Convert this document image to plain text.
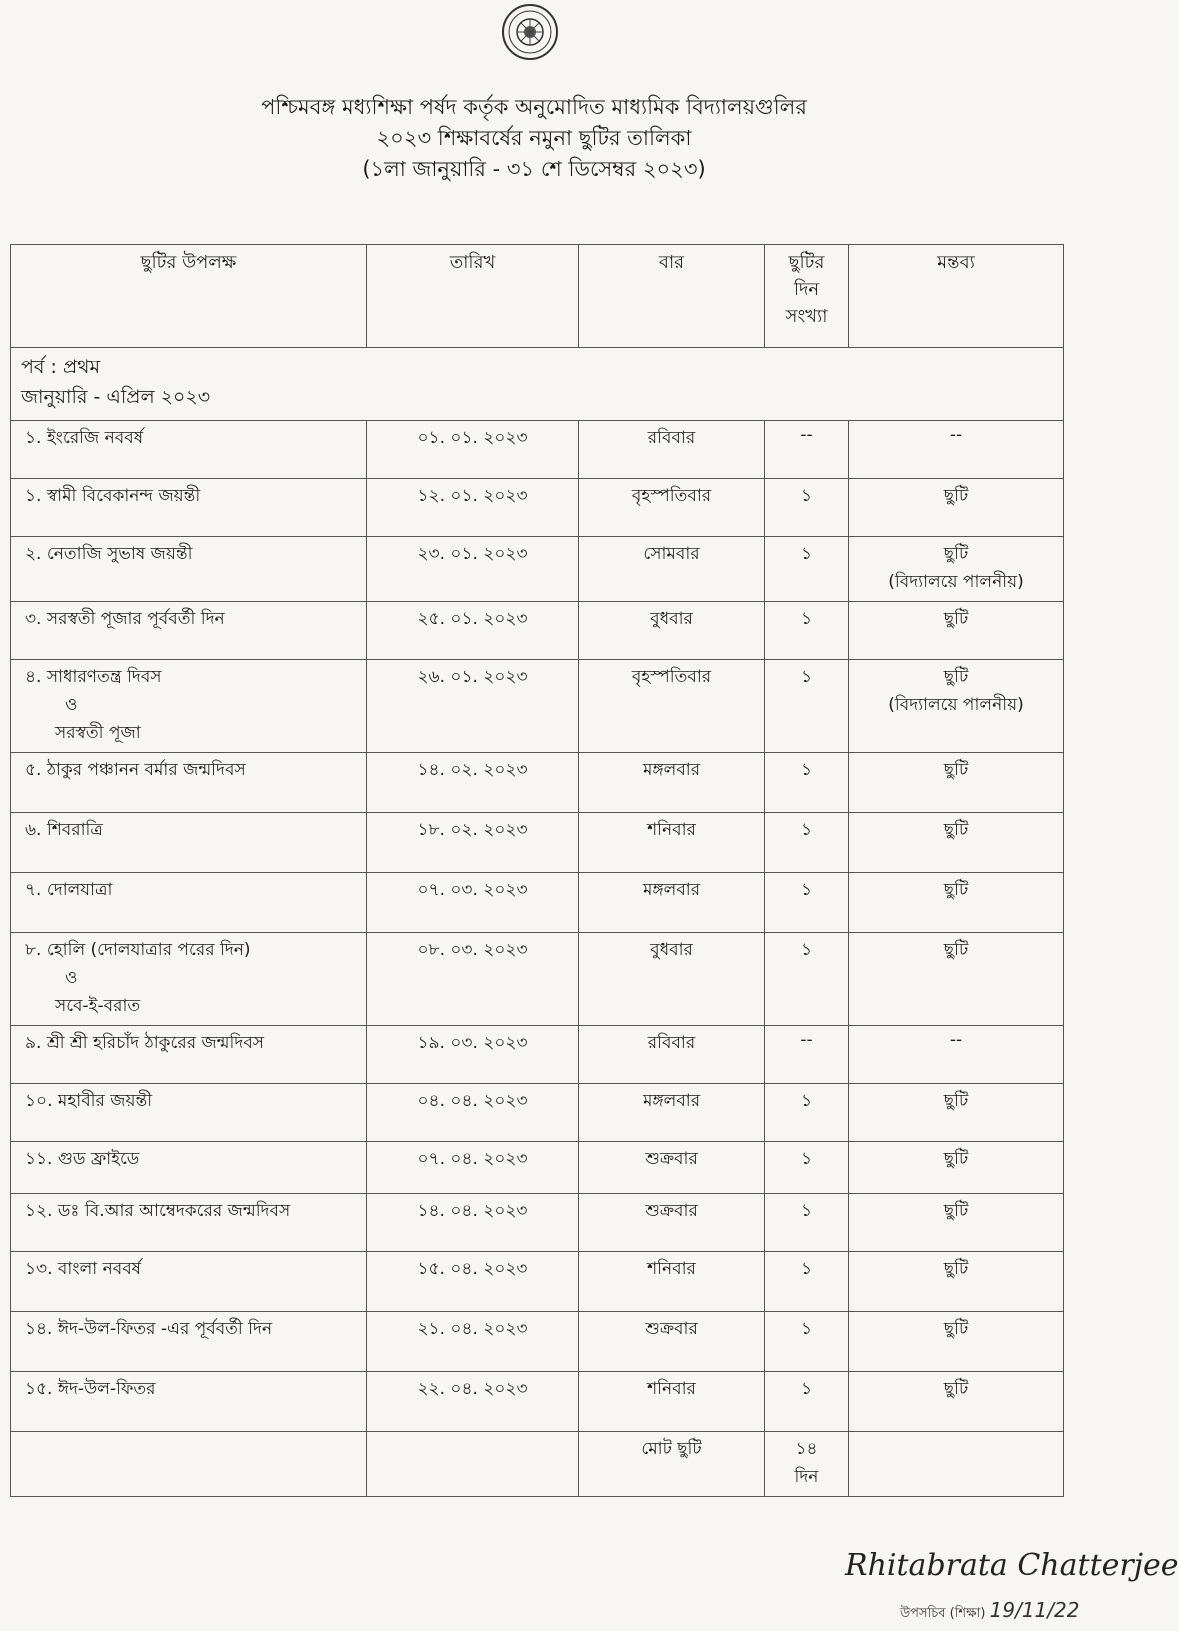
পশ্চিমবঙ্গ মধ্যশিক্ষা পর্ষদ কর্তৃক অনুমোদিত মাধ্যমিক বিদ্যালয়গুলির
২০২৩ শিক্ষাবর্ষের নমুনা ছুটির তালিকা
(১লা জানুয়ারি - ৩১ শে ডিসেম্বর ২০২৩)
ছুটির উপলক্ষ	তারিখ	বার	ছুটির
দিন
সংখ্যা	মন্তব্য

পর্ব : প্রথম
জানুয়ারি - এপ্রিল ২০২৩				

১. ইংরেজি নববর্ষ	০১. ০১. ২০২৩	রবিবার	--	--

১. স্বামী বিবেকানন্দ জয়ন্তী	১২. ০১. ২০২৩	বৃহস্পতিবার	১	ছুটি

২. নেতাজি সুভাষ জয়ন্তী	২৩. ০১. ২০২৩	সোমবার	১	ছুটি
(বিদ্যালয়ে পালনীয়)

৩. সরস্বতী পূজার পূর্ববর্তী দিন	২৫. ০১. ২০২৩	বুধবার	১	ছুটি

৪. সাধারণতন্ত্র দিবস
ও
সরস্বতী পূজা	২৬. ০১. ২০২৩	বৃহস্পতিবার	১	ছুটি
(বিদ্যালয়ে পালনীয়)

৫. ঠাকুর পঞ্চানন বর্মার জন্মদিবস	১৪. ০২. ২০২৩	মঙ্গলবার	১	ছুটি

৬. শিবরাত্রি	১৮. ০২. ২০২৩	শনিবার	১	ছুটি

৭. দোলযাত্রা	০৭. ০৩. ২০২৩	মঙ্গলবার	১	ছুটি

৮. হোলি (দোলযাত্রার পরের দিন)
ও
সবে-ই-বরাত	০৮. ০৩. ২০২৩	বুধবার	১	ছুটি

৯. শ্রী শ্রী হরিচাঁদ ঠাকুরের জন্মদিবস	১৯. ০৩. ২০২৩	রবিবার	--	--

১০. মহাবীর জয়ন্তী	০৪. ০৪. ২০২৩	মঙ্গলবার	১	ছুটি

১১. গুড ফ্রাইডে	০৭. ০৪. ২০২৩	শুক্রবার	১	ছুটি

১২. ডঃ বি.আর আম্বেদকরের জন্মদিবস	১৪. ০৪. ২০২৩	শুক্রবার	১	ছুটি

১৩. বাংলা নববর্ষ	১৫. ০৪. ২০২৩	শনিবার	১	ছুটি

১৪. ঈদ-উল-ফিতর -এর পূর্ববর্তী দিন	২১. ০৪. ২০২৩	শুক্রবার	১	ছুটি

১৫. ঈদ-উল-ফিতর	২২. ০৪. ২০২৩	শনিবার	১	ছুটি

		মোট ছুটি	১৪
দিন	

Rhitabrata Chatterjee
উপসচিব (শিক্ষা) 19/11/22
